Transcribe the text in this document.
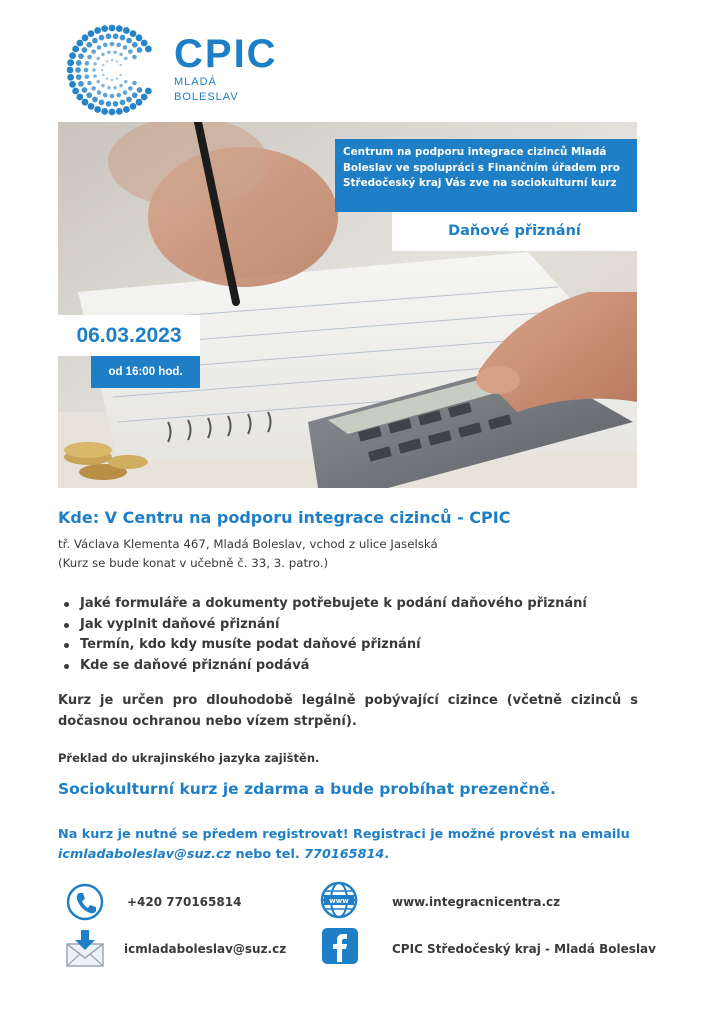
CPIC
MLADÁ
BOLESLAV
Centrum na podporu integrace cizinců Mladá Boleslav ve spolupráci s Finančním úřadem pro Středočeský kraj Vás zve na sociokulturní kurz
Daňové přiznání
06.03.2023
od 16:00 hod.
Kde: V Centru na podporu integrace cizinců - CPIC
tř. Václava Klementa 467, Mladá Boleslav, vchod z ulice Jaselská
(Kurz se bude konat v učebně č. 33, 3. patro.)
Jaké formuláře a dokumenty potřebujete k podání daňového přiznání
Jak vyplnit daňové přiznání
Termín, kdo kdy musíte podat daňové přiznání
Kde se daňové přiznání podává
Kurz je určen pro dlouhodobě legálně pobývající cizince (včetně cizinců s dočasnou ochranou nebo vízem strpění).
Překlad do ukrajinského jazyka zajištěn.
Sociokulturní kurz je zdarma a bude probíhat prezenčně.
Na kurz je nutné se předem registrovat! Registraci je možné provést na emailu icmladaboleslav@suz.cz nebo tel. 770165814.
+420 770165814	www	www.integracnicentra.cz
icmladaboleslav@suz.cz	CPIC Středočeský kraj - Mladá Boleslav
